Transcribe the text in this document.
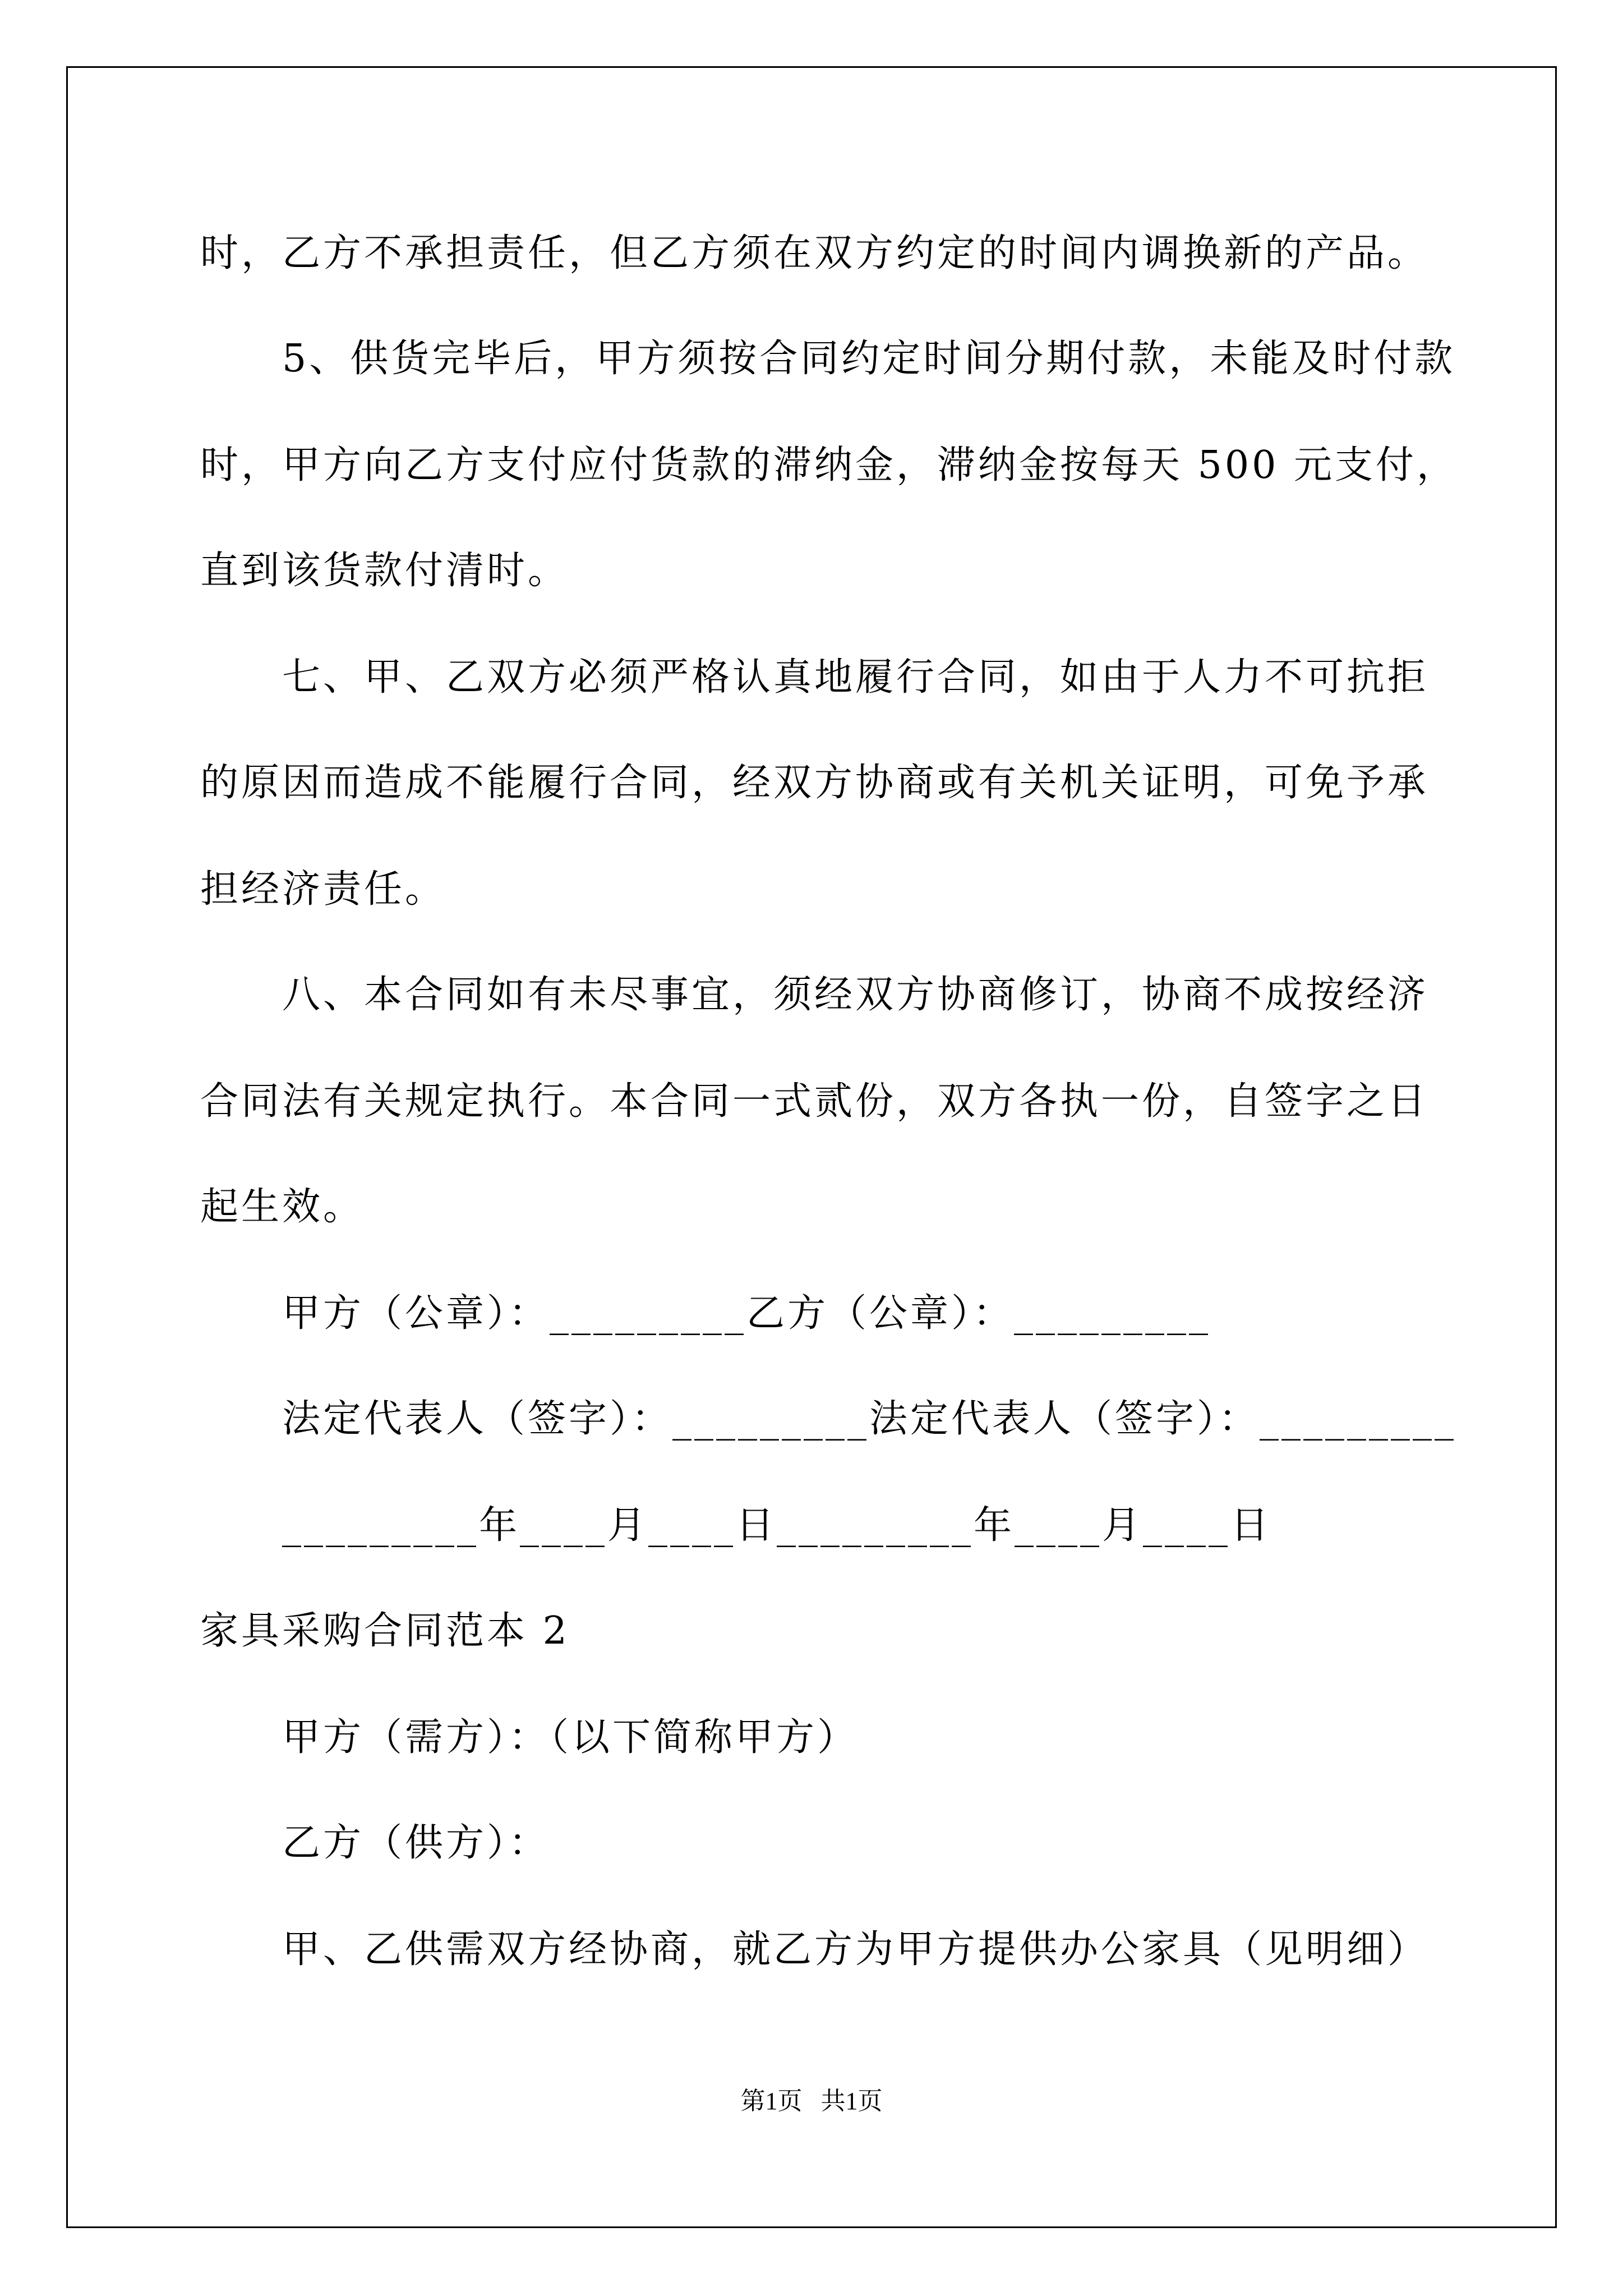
时，乙方不承担责任，但乙方须在双方约定的时间内调换新的产品。
5、供货完毕后，甲方须按合同约定时间分期付款，未能及时付款
时，甲方向乙方支付应付货款的滞纳金，滞纳金按每天 500 元支付，
直到该货款付清时。
七、甲、乙双方必须严格认真地履行合同，如由于人力不可抗拒
的原因而造成不能履行合同，经双方协商或有关机关证明，可免予承
担经济责任。
八、本合同如有未尽事宜，须经双方协商修订，协商不成按经济
合同法有关规定执行。本合同一式贰份，双方各执一份，自签字之日
起生效。
甲方（公章）：_________乙方（公章）：_________
法定代表人（签字）：_________法定代表人（签字）：_________
_________年____月____日_________年____月____日
家具采购合同范本 2
甲方（需方）：（以下简称甲方）
乙方（供方）：
甲、乙供需双方经协商，就乙方为甲方提供办公家具（见明细）
第1页   共1页
